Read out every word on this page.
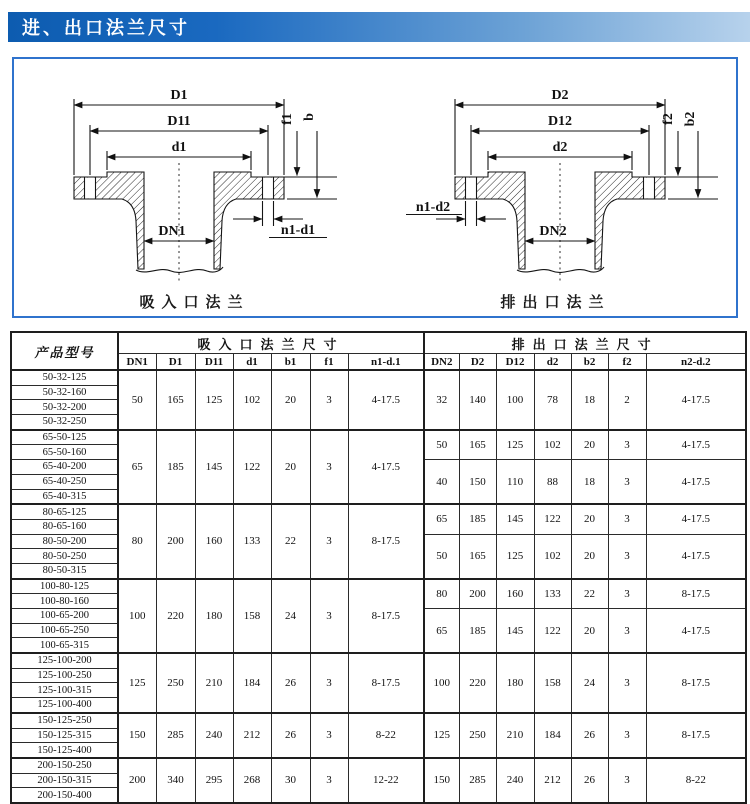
进、出口法兰尺寸
D1
D11
d1
DN1
f1 b
n1-d1
吸入口法兰
D2
D12
d2
DN2
f2 b2
n1-d2
排出口法兰
产品型号	吸入口法兰尺寸							排出口法兰尺寸						
	DN1	D1	D11	d1	b1	f1	n1-d.1	DN2	D2	D12	d2	b2	f2	n2-d.2
50-32-125	50	165	125	102	20	3	4-17.5	32	140	100	78	18	2	4-17.5
50-32-160														
50-32-200														
50-32-250														
65-50-125	65	185	145	122	20	3	4-17.5	50	165	125	102	20	3	4-17.5
65-50-160														
65-40-200								40	150	110	88	18	3	4-17.5
65-40-250														
65-40-315														
80-65-125	80	200	160	133	22	3	8-17.5	65	185	145	122	20	3	4-17.5
80-65-160														
80-50-200								50	165	125	102	20	3	4-17.5
80-50-250														
80-50-315														
100-80-125	100	220	180	158	24	3	8-17.5	80	200	160	133	22	3	8-17.5
100-80-160														
100-65-200								65	185	145	122	20	3	4-17.5
100-65-250														
100-65-315														
125-100-200	125	250	210	184	26	3	8-17.5	100	220	180	158	24	3	8-17.5
125-100-250														
125-100-315														
125-100-400														
150-125-250	150	285	240	212	26	3	8-22	125	250	210	184	26	3	8-17.5
150-125-315														
150-125-400														
200-150-250	200	340	295	268	30	3	12-22	150	285	240	212	26	3	8-22
200-150-315														
200-150-400														
